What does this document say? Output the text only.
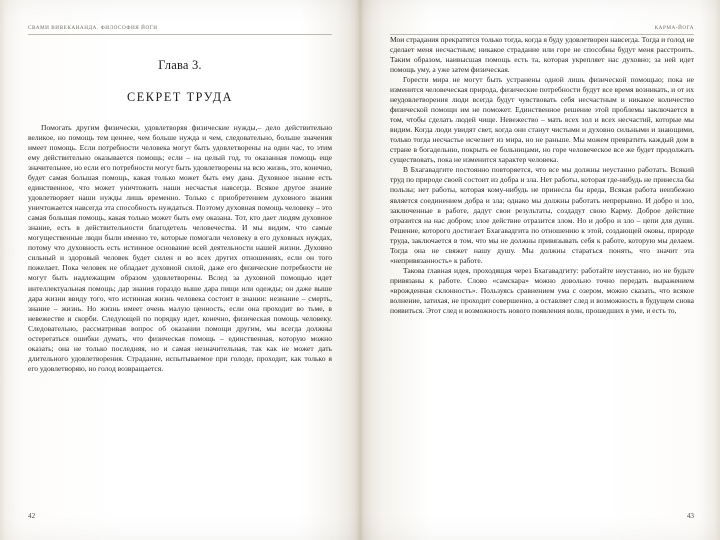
СВАМИ ВИВЕКАНАНДА. ФИЛОСОФИЯ ЙОГИ
Глава 3.
СЕКРЕТ ТРУДА

Помогать другим физически, удовлетворяя физические нужды,– дело действительно великое, но помощь тем ценнее, чем больше нужда и чем, следовательно, больше значения имеет помощь. Если потребности человека могут быть удовлетворены на один час, то этим ему действительно оказывается помощь; если – на целый год, то оказанная помощь еще значительнее, но если его потребности могут быть удовлетворены на всю жизнь, это, конечно, будет самая большая помощь, какая только может быть ему дана. Духовное знание есть единственное, что может уничтожить наши несчастья навсегда. Всякое другое знание удовлетворяет наши нужды лишь временно. Только с приобретением духовного знания уничтожается навсегда эта способность нуждаться. Поэтому духовная помощь человеку – это самая большая помощь, какая только может быть ему оказана. Тот, кто дает людям духовное знание, есть в действительности благодетель человечества. И мы видим, что самые могущественные люди были именно те, которые помогали человеку в его духовных нуждах, потому что духовность есть истинное основание всей деятельности нашей жизни. Духовно сильный и здоровый человек будет силен и во всех других отношениях, если он того пожелает. Пока человек не обладает духовной силой, даже его физические потребности не могут быть надлежащим образом удовлетворены. Вслед за духовной помощью идет интеллектуальная помощь; дар знания гораздо выше дара пищи или одежды; он даже выше дара жизни ввиду того, что истинная жизнь человека состоит в знании: незнание – смерть, знание – жизнь. Но жизнь имеет очень малую ценность, если она проходит во тьме, в невежестве и скорби. Следующей по порядку идет, конечно, физическая помощь человеку. Следовательно, рассматривая вопрос об оказании помощи другим, мы всегда должны остерегаться ошибки думать, что физическая помощь – единственная, которую можно оказать; она не только последняя, но и самая незначительная, так как не может дать длительного удовлетворения. Страдание, испытываемое при голоде, проходит, как только я его удовлетворяю, но голод возвращается.

42
КАРМА-ЙОГА

Мои страдания прекратятся только тогда, когда я буду удовлетворен навсегда. Тогда и голод не сделает меня несчастным; никакое страдание или горе не способны будут меня расстроить. Таким образом, наивысшая помощь есть та, которая укрепляет нас духовно; за ней идет помощь уму, а уже затем физическая.

Горести мира не могут быть устранены одной лишь физической помощью; пока не изменится человеческая природа, физические потребности будут все время возникать, и от их неудовлетворения люди всегда будут чувствовать себя несчастным и никакое количество физической помощи им не поможет. Единственное решение этой проблемы заключается в том, чтобы сделать людей чище. Невежество – мать всех зол и всех несчастий, которые мы видим. Когда люди увидят свет, когда они станут чистыми и духовно сильными и знающими, только тогда несчастье исчезнет из мира, но не раньше. Мы можем превратить каждый дом в стране в богадельню, покрыть ее больницами, но горе человеческое все же будет продолжать существовать, пока не изменится характер человека.

В Бхагавадгите постоянно повторяется, что все мы должны неустанно работать. Всякий труд по природе своей состоит из добра и зла. Нет работы, которая где-нибудь не принесла бы пользы; нет работы, которая кому-нибудь не принесла бы вреда, Всякая работа неизбежно является соединением добра и зла; однако мы должны работать непрерывно. И добро и зло, заключенные в работе, дадут свои результаты, создадут свою Карму. Доброе действие отразится на нас добром; злое действие отразится злом. Но и добро и зло – цепи для души. Решение, которого достигает Бхагавадгита по отношению к этой, создающей оковы, природе труда, заключается в том, что мы не должны привязывать себя к работе, которую мы делаем. Тогда она не свяжет нашу душу. Мы должны стараться понять, что значит эта «непривязанность» к работе.

Такова главная идея, проходящая через Бхагавадгиту: работайте неустанно, но не будьте привязаны к работе. Слово «самскара» можно довольно точно передать выражением «врожденная склонность». Пользуясь сравнением ума с озером, можно сказать, что всякое волнение, затихая, не проходит совершенно, а оставляет след и возможность в будущем снова появиться. Этот след и возможность нового появления волн, прошедших в уме, и есть то,

43
